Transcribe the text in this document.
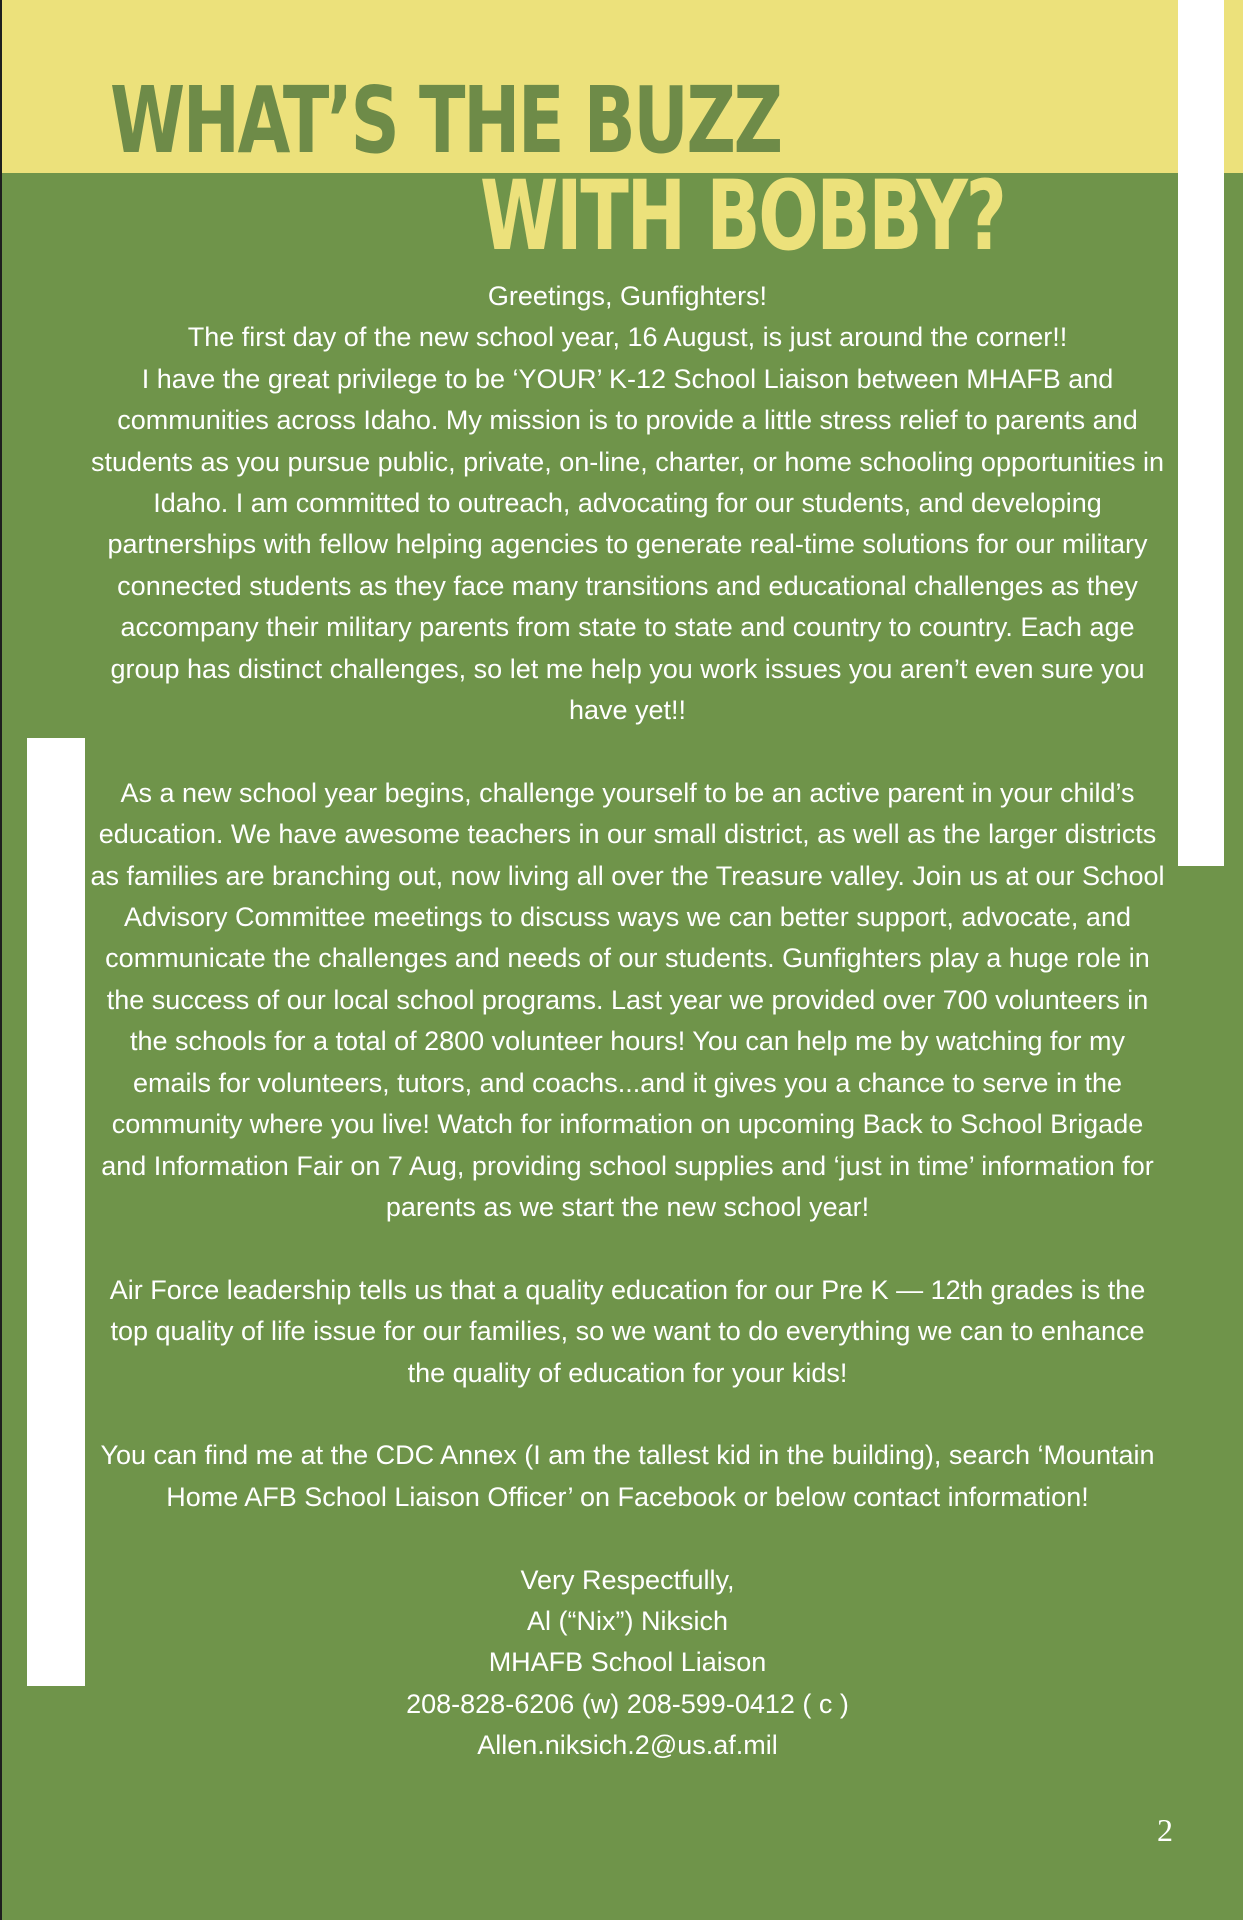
WHAT’S THE BUZZ
WITH BOBBY?

Greetings, Gunfighters!

The first day of the new school year, 16 August, is just around the corner!!

I have the great privilege to be ‘YOUR’ K-12 School Liaison between MHAFB and communities across Idaho. My mission is to provide a little stress relief to parents and students as you pursue public, private, on-line, charter, or home schooling opportunities in Idaho. I am committed to outreach, advocating for our students, and developing partnerships with fellow helping agencies to generate real-time solutions for our military connected students as they face many transitions and educational challenges as they accompany their military parents from state to state and country to country. Each age group has distinct challenges, so let me help you work issues you aren’t even sure you have yet!!

As a new school year begins, challenge yourself to be an active parent in your child’s education. We have awesome teachers in our small district, as well as the larger districts as families are branching out, now living all over the Treasure valley. Join us at our School Advisory Committee meetings to discuss ways we can better support, advocate, and communicate the challenges and needs of our students. Gunfighters play a huge role in the success of our local school programs. Last year we provided over 700 volunteers in the schools for a total of 2800 volunteer hours! You can help me by watching for my emails for volunteers, tutors, and coachs...and it gives you a chance to serve in the community where you live! Watch for information on upcoming Back to School Brigade and Information Fair on 7 Aug, providing school supplies and ‘just in time’ information for parents as we start the new school year!

Air Force leadership tells us that a quality education for our Pre K — 12th grades is the top quality of life issue for our families, so we want to do everything we can to enhance the quality of education for your kids!

You can find me at the CDC Annex (I am the tallest kid in the building), search ‘Mountain Home AFB School Liaison Officer’ on Facebook or below contact information!

Very Respectfully,

Al (“Nix”) Niksich

MHAFB School Liaison

208-828-6206 (w) 208-599-0412 ( c )

Allen.niksich.2@us.af.mil

2
